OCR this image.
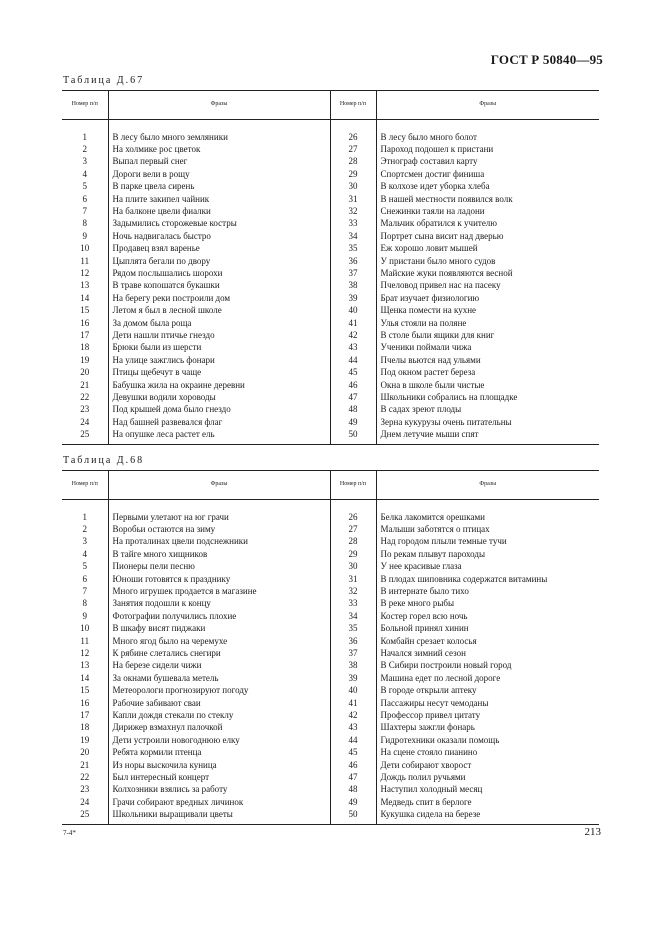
ГОСТ Р 50840—95
Таблица Д.67
Номер п/п	Фразы	Номер п/п	Фразы

1	В лесу было много земляники	26	В лесу было много болот
2	На холмике рос цветок	27	Пароход подошел к пристани
3	Выпал первый снег	28	Этнограф составил карту
4	Дороги вели в рощу	29	Спортсмен достиг финиша
5	В парке цвела сирень	30	В колхозе идет уборка хлеба
6	На плите закипел чайник	31	В нашей местности появился волк
7	На балконе цвели фиалки	32	Снежинки таяли на ладони
8	Задымились сторожевые костры	33	Мальчик обратился к учителю
9	Ночь надвигалась быстро	34	Портрет сына висит над дверью
10	Продавец взял варенье	35	Еж хорошо ловит мышей
11	Цыплята бегали по двору	36	У пристани было много судов
12	Рядом послышались шорохи	37	Майские жуки появляются весной
13	В траве копошатся букашки	38	Пчеловод привел нас на пасеку
14	На берегу реки построили дом	39	Брат изучает физиологию
15	Летом я был в лесной школе	40	Щенка помести на кухне
16	За домом была роща	41	Улья стояли на поляне
17	Дети нашли птичье гнездо	42	В столе были ящики для книг
18	Брюки были из шерсти	43	Ученики поймали чижа
19	На улице зажглись фонари	44	Пчелы вьются над ульями
20	Птицы щебечут в чаще	45	Под окном растет береза
21	Бабушка жила на окраине деревни	46	Окна в школе были чистые
22	Девушки водили хороводы	47	Школьники собрались на площадке
23	Под крышей дома было гнездо	48	В садах зреют плоды
24	Над башней развевался флаг	49	Зерна кукурузы очень питательны
25	На опушке леса растет ель	50	Днем летучие мыши спят

Таблица Д.68
Номер п/п	Фразы	Номер п/п	Фразы

1	Первыми улетают на юг грачи	26	Белка лакомится орешками
2	Воробьи остаются на зиму	27	Малыши заботятся о птицах
3	На проталинах цвели подснежники	28	Над городом плыли темные тучи
4	В тайге много хищников	29	По рекам плывут пароходы
5	Пионеры пели песню	30	У нее красивые глаза
6	Юноши готовятся к празднику	31	В плодах шиповника содержатся витамины
7	Много игрушек продается в магазине	32	В интернате было тихо
8	Занятия подошли к концу	33	В реке много рыбы
9	Фотографии получились плохие	34	Костер горел всю ночь
10	В шкафу висят пиджаки	35	Больной принял хинин
11	Много ягод было на черемухе	36	Комбайн срезает колосья
12	К рябине слетались снегири	37	Начался зимний сезон
13	На березе сидели чижи	38	В Сибири построили новый город
14	За окнами бушевала метель	39	Машина едет по лесной дороге
15	Метеорологи прогнозируют погоду	40	В городе открыли аптеку
16	Рабочие забивают сваи	41	Пассажиры несут чемоданы
17	Капли дождя стекали по стеклу	42	Профессор привел цитату
18	Дирижер взмахнул палочкой	43	Шахтеры зажгли фонарь
19	Дети устроили новогоднюю елку	44	Гидротехники оказали помощь
20	Ребята кормили птенца	45	На сцене стояло пианино
21	Из норы выскочила куница	46	Дети собирают хворост
22	Был интересный концерт	47	Дождь полил ручьями
23	Колхозники взялись за работу	48	Наступил холодный месяц
24	Грачи собирают вредных личинок	49	Медведь спит в берлоге
25	Школьники выращивали цветы	50	Кукушка сидела на березе

7-4*	213
